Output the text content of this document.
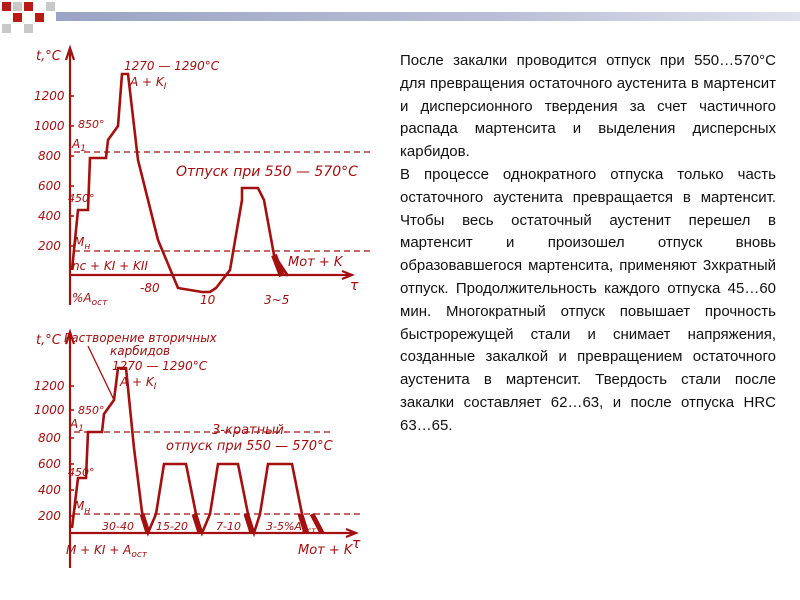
t,°C
τ
1200
1000
800
600
400
200
1270 — 1290°C
$A + K_I$
850°
450°
$A_1$
$M_н$
Отпуск при 550 — 570°C
nс + KІ + KІІ
$\%A_{ост}$
-80
10	3~5
Mот + K
t,°C
τ
1200
1000
800
600
400
200
Растворение вторичных
карбидов
1270 — 1290°C
$A + K_I$
850°
450°
$A_1$
$M_н$
3-кратный
отпуск при 550 — 570°C
30-40 15-20	7-10 $3-5\%A_{ост}$
M + KІ + $A_{ост}$	Mот + K

После закалки проводится отпуск при 550…570°С для превращения остаточного аустенита в мартенсит и дисперсионного твердения за счет частичного распада мартенсита и выделения дисперсных карбидов.

В процессе однократного отпуска только часть остаточного аустенита превращается в мартенсит. Чтобы весь остаточный аустенит перешел в мартенсит и произошел отпуск вновь образовавшегося мартенсита, применяют 3хкратный отпуск. Продолжительность каждого отпуска 45…60 мин. Многократный отпуск повышает прочность быстрорежущей стали и снимает напряжения, созданные закалкой и превращением остаточного аустенита в мартенсит. Твердость стали после закалки составляет 62…63, и после отпуска HRC 63…65.
